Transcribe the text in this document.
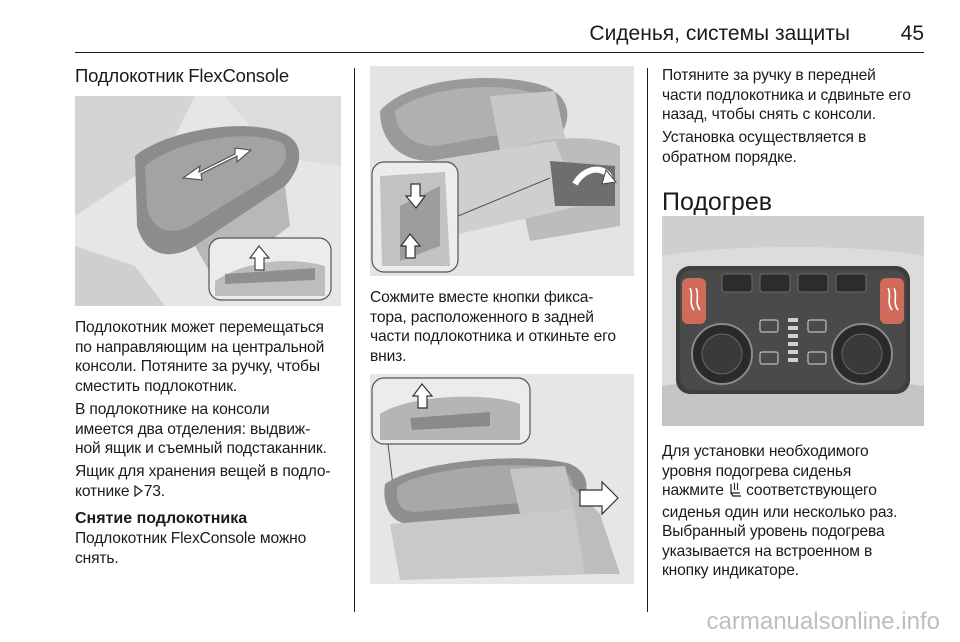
Сиденья, системы защиты 45
Подлокотник FlexConsole
Подлокотник может перемещаться
по направляющим на центральной
консоли. Потяните за ручку, чтобы
сместить подлокотник.
В подлокотнике на консоли
имеется два отделения: выдвиж-
ной ящик и съемный подстаканник.
Ящик для хранения вещей в подло-
котнике  73.
Снятие подлокотника
Подлокотник FlexConsole можно
снять.
Сожмите вместе кнопки фикса-
тора, расположенного в задней
части подлокотника и откиньте его
вниз.
Потяните за ручку в передней
части подлокотника и сдвиньте его
назад, чтобы снять с консоли.
Установка осуществляется в
обратном порядке.
Подогрев
Для установки необходимого
уровня подогрева сиденья
нажмите  соответствующего
сиденья один или несколько раз.
Выбранный уровень подогрева
указывается на встроенном в
кнопку индикаторе.
carmanualsonline.info
